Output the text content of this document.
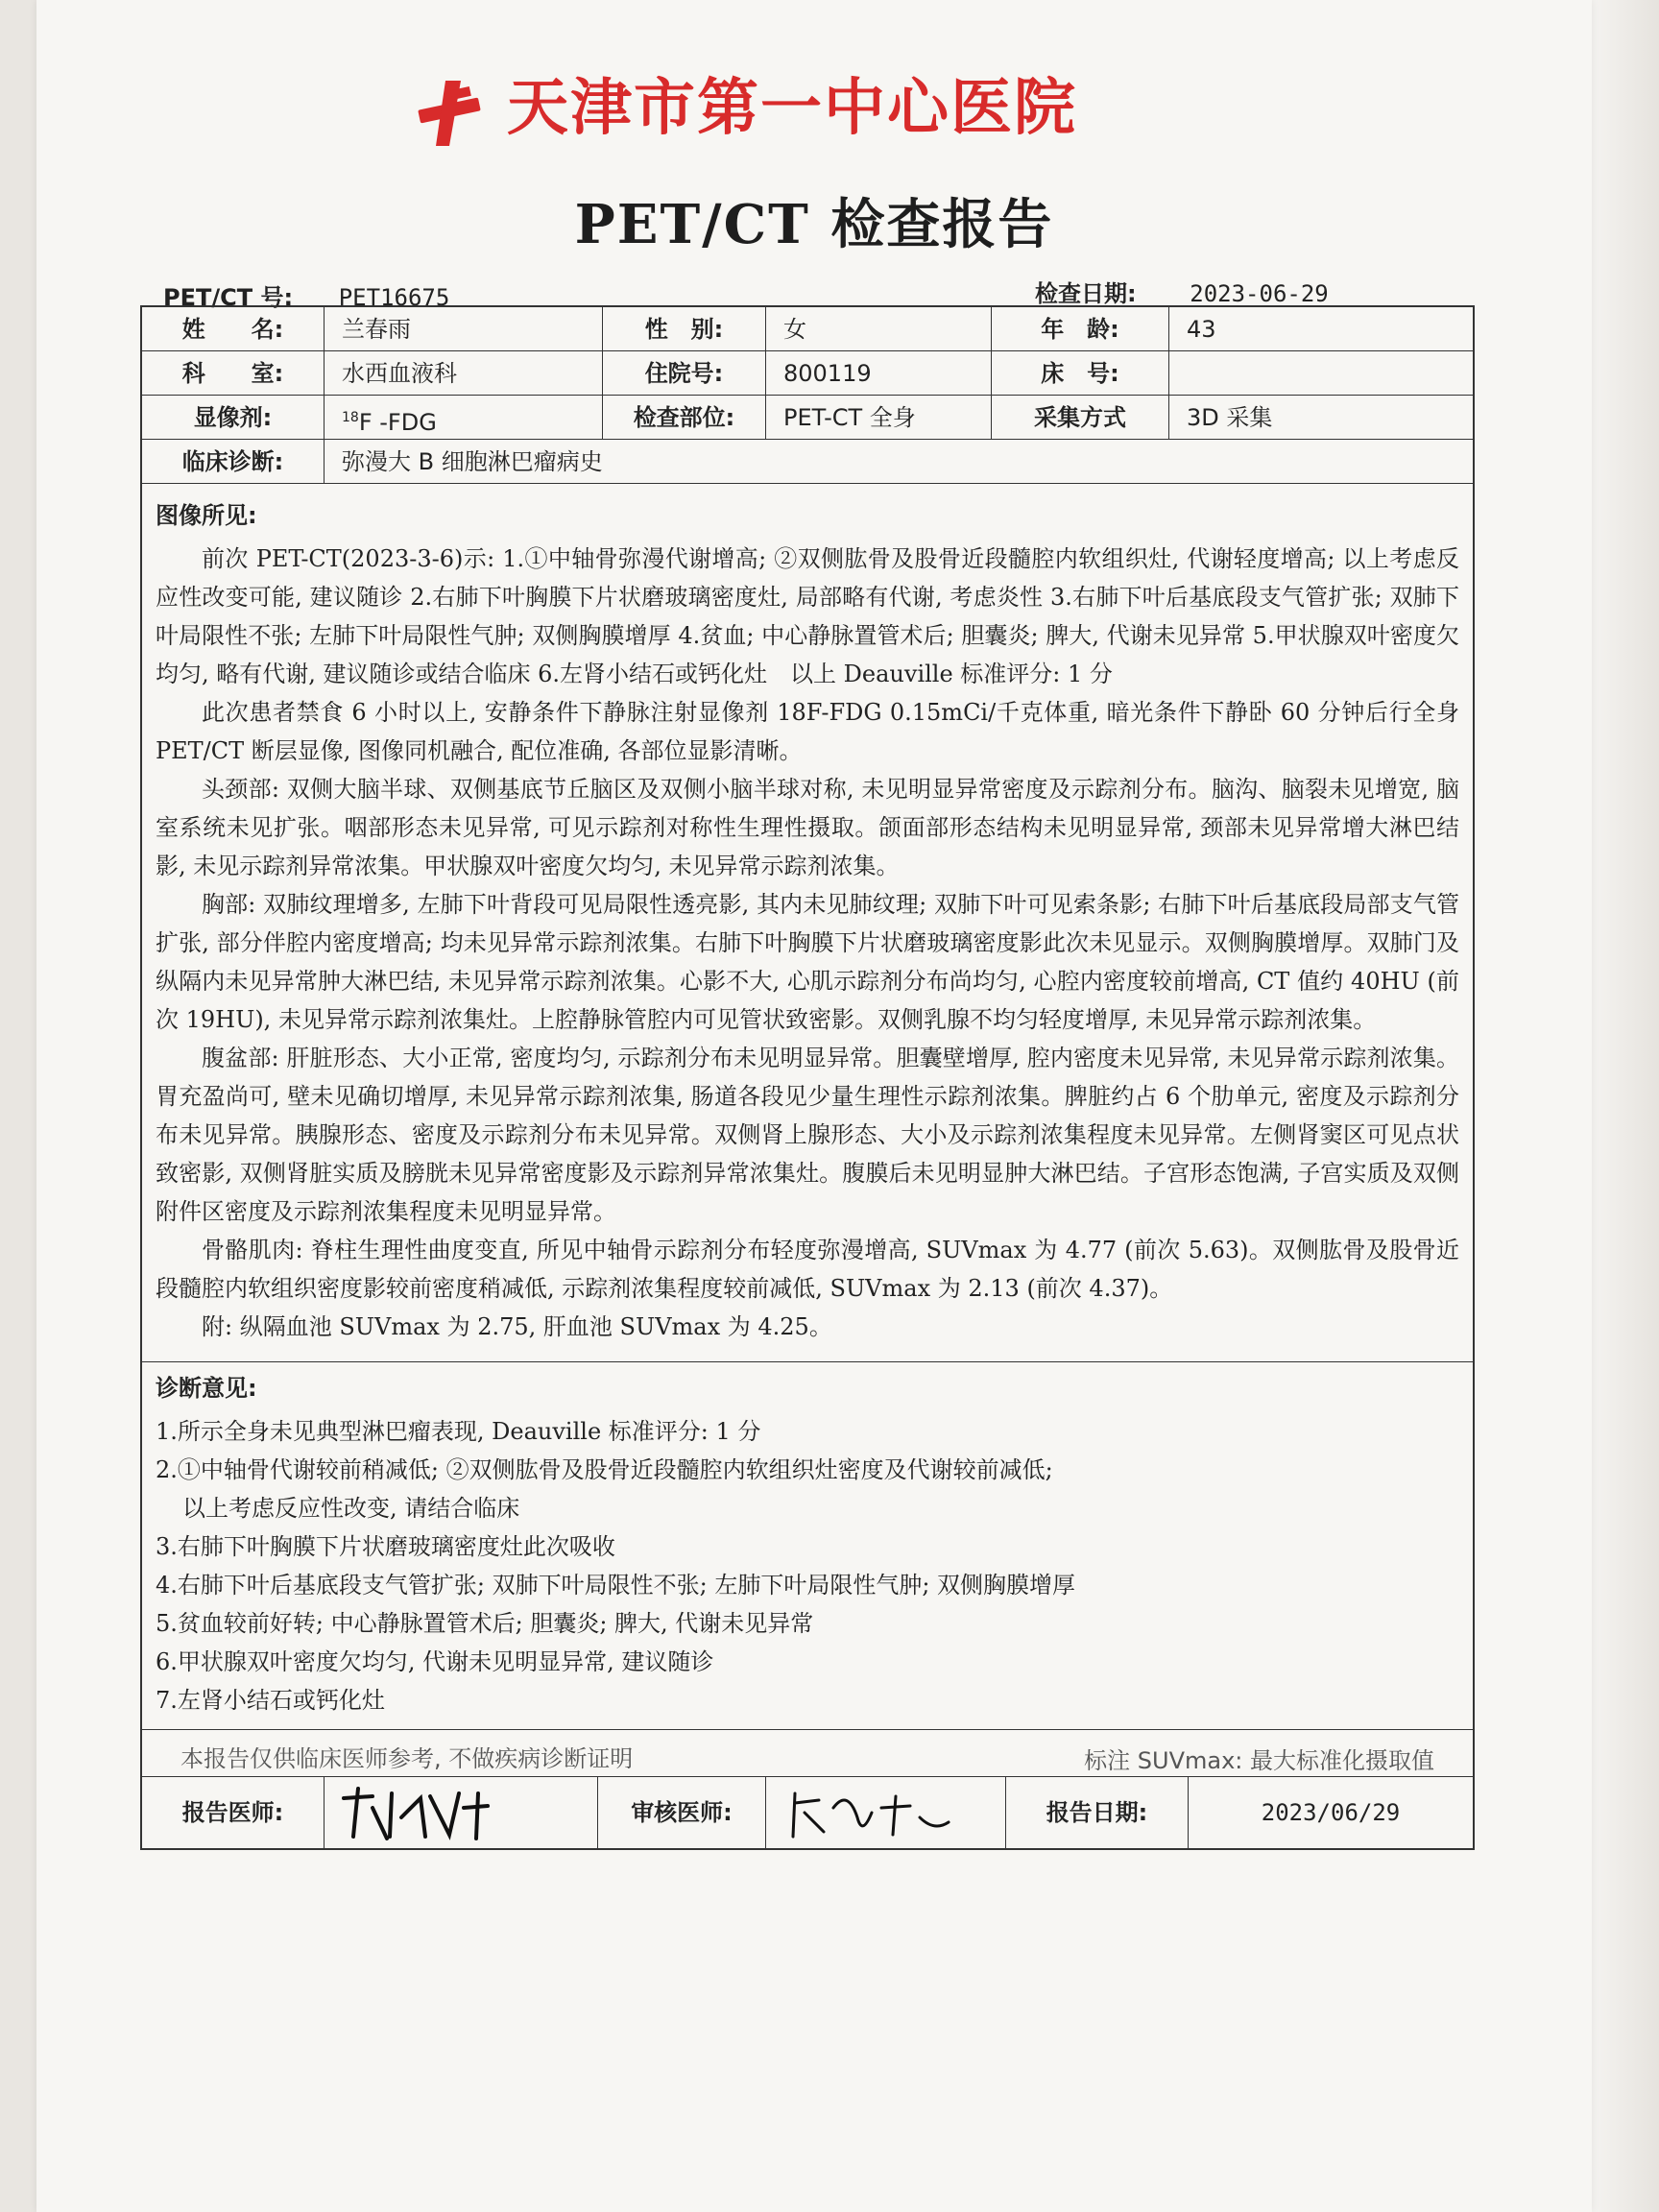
天津市第一中心医院
PET/CT 检查报告
PET/CT 号: PET16675	检查日期: 2023-06-29
姓　　名:	兰春雨	性　别:	女	年　龄:	43
科　　室:	水西血液科	住院号:	800119	床　号:
显像剂:	$^{18}$F -FDG	检查部位:	PET-CT 全身	采集方式	3D 采集
临床诊断:	弥漫大 B 细胞淋巴瘤病史
图像所见:

前次 PET-CT(2023-3-6)示: 1.①中轴骨弥漫代谢增高; ②双侧肱骨及股骨近段髓腔内软组织灶, 代谢轻度增高; 以上考虑反应性改变可能, 建议随诊 2.右肺下叶胸膜下片状磨玻璃密度灶, 局部略有代谢, 考虑炎性 3.右肺下叶后基底段支气管扩张; 双肺下叶局限性不张; 左肺下叶局限性气肿; 双侧胸膜增厚 4.贫血; 中心静脉置管术后; 胆囊炎; 脾大, 代谢未见异常 5.甲状腺双叶密度欠均匀, 略有代谢, 建议随诊或结合临床 6.左肾小结石或钙化灶　以上 Deauville 标准评分: 1 分

此次患者禁食 6 小时以上, 安静条件下静脉注射显像剂 18F-FDG 0.15mCi/千克体重, 暗光条件下静卧 60 分钟后行全身 PET/CT 断层显像, 图像同机融合, 配位准确, 各部位显影清晰。

头颈部: 双侧大脑半球、双侧基底节丘脑区及双侧小脑半球对称, 未见明显异常密度及示踪剂分布。脑沟、脑裂未见增宽, 脑室系统未见扩张。咽部形态未见异常, 可见示踪剂对称性生理性摄取。颌面部形态结构未见明显异常, 颈部未见异常增大淋巴结影, 未见示踪剂异常浓集。甲状腺双叶密度欠均匀, 未见异常示踪剂浓集。

胸部: 双肺纹理增多, 左肺下叶背段可见局限性透亮影, 其内未见肺纹理; 双肺下叶可见索条影; 右肺下叶后基底段局部支气管扩张, 部分伴腔内密度增高; 均未见异常示踪剂浓集。右肺下叶胸膜下片状磨玻璃密度影此次未见显示。双侧胸膜增厚。双肺门及纵隔内未见异常肿大淋巴结, 未见异常示踪剂浓集。心影不大, 心肌示踪剂分布尚均匀, 心腔内密度较前增高, CT 值约 40HU (前次 19HU), 未见异常示踪剂浓集灶。上腔静脉管腔内可见管状致密影。双侧乳腺不均匀轻度增厚, 未见异常示踪剂浓集。

腹盆部: 肝脏形态、大小正常, 密度均匀, 示踪剂分布未见明显异常。胆囊壁增厚, 腔内密度未见异常, 未见异常示踪剂浓集。胃充盈尚可, 壁未见确切增厚, 未见异常示踪剂浓集, 肠道各段见少量生理性示踪剂浓集。脾脏约占 6 个肋单元, 密度及示踪剂分布未见异常。胰腺形态、密度及示踪剂分布未见异常。双侧肾上腺形态、大小及示踪剂浓集程度未见异常。左侧肾窦区可见点状致密影, 双侧肾脏实质及膀胱未见异常密度影及示踪剂异常浓集灶。腹膜后未见明显肿大淋巴结。子宫形态饱满, 子宫实质及双侧附件区密度及示踪剂浓集程度未见明显异常。

骨骼肌肉: 脊柱生理性曲度变直, 所见中轴骨示踪剂分布轻度弥漫增高, SUVmax 为 4.77 (前次 5.63)。双侧肱骨及股骨近段髓腔内软组织密度影较前密度稍减低, 示踪剂浓集程度较前减低, SUVmax 为 2.13 (前次 4.37)。

附: 纵隔血池 SUVmax 为 2.75, 肝血池 SUVmax 为 4.25。

诊断意见:
1.所示全身未见典型淋巴瘤表现, Deauville 标准评分: 1 分
2.①中轴骨代谢较前稍减低; ②双侧肱骨及股骨近段髓腔内软组织灶密度及代谢较前减低;
以上考虑反应性改变, 请结合临床
3.右肺下叶胸膜下片状磨玻璃密度灶此次吸收
4.右肺下叶后基底段支气管扩张; 双肺下叶局限性不张; 左肺下叶局限性气肿; 双侧胸膜增厚
5.贫血较前好转; 中心静脉置管术后; 胆囊炎; 脾大, 代谢未见异常
6.甲状腺双叶密度欠均匀, 代谢未见明显异常, 建议随诊
7.左肾小结石或钙化灶
本报告仅供临床医师参考, 不做疾病诊断证明	标注 SUVmax: 最大标准化摄取值
报告医师:	审核医师:	报告日期:	2023/06/29
